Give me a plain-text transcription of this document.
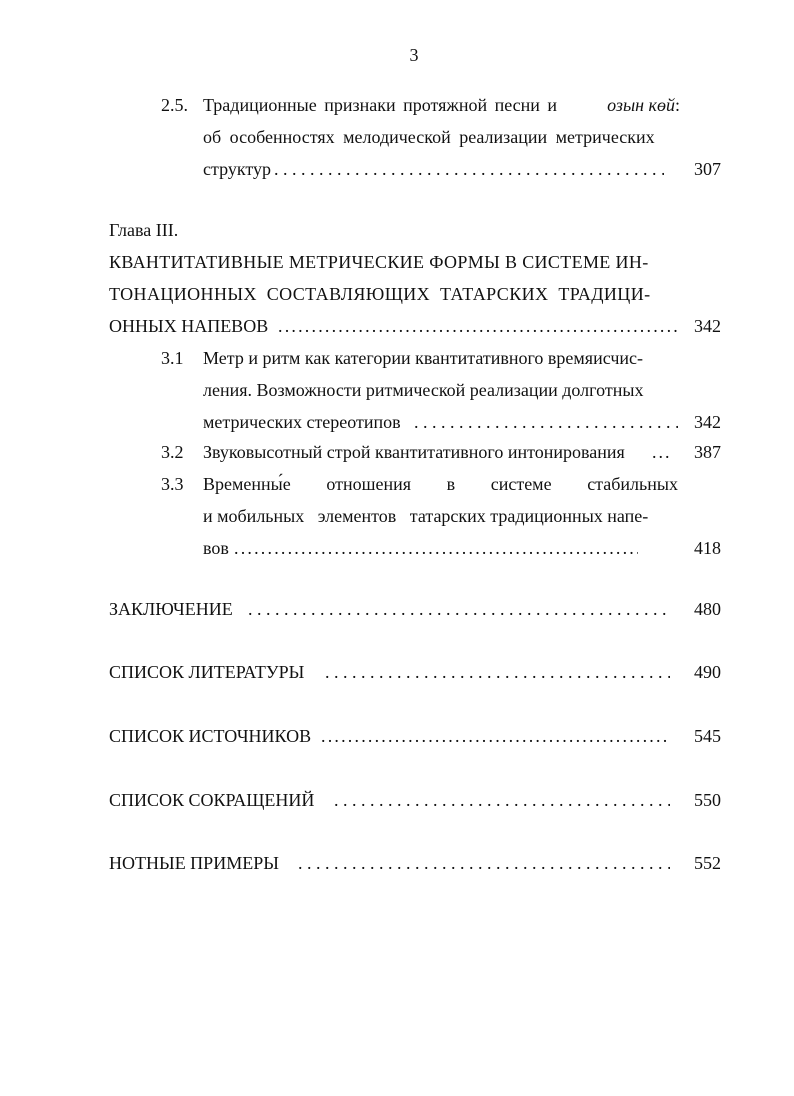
3
2.5. Традиционные признаки протяжной песни и	озын көй:
об особенностях мелодической реализации метрических
структур . . .	307
Глава III.
КВАНТИТАТИВНЫЕ МЕТРИЧЕСКИЕ ФОРМЫ В СИСТЕМЕ ИН-
ТОНАЦИОННЫХ СОСТАВЛЯЮЩИХ ТАТАРСКИХ ТРАДИЦИ-
ОННЫХ НАПЕВОВ .....	342
3.1 Метр и ритм как категории квантитативного времяисчис-
ления. Возможности ритмической реализации долготных
метрических стереотипов . . .	342
3.2 Звуковысотный строй квантитативного интонирования ...	387
3.3 Временны́е отношения в системе стабильных
и мобильных   элементов   татарских традиционных напе-
вов .....	418
ЗАКЛЮЧЕНИЕ . . .	480
СПИСОК ЛИТЕРАТУРЫ . . .	490
СПИСОК ИСТОЧНИКОВ .....	545
СПИСОК СОКРАЩЕНИЙ . . .	550
НОТНЫЕ ПРИМЕРЫ . . .	552
